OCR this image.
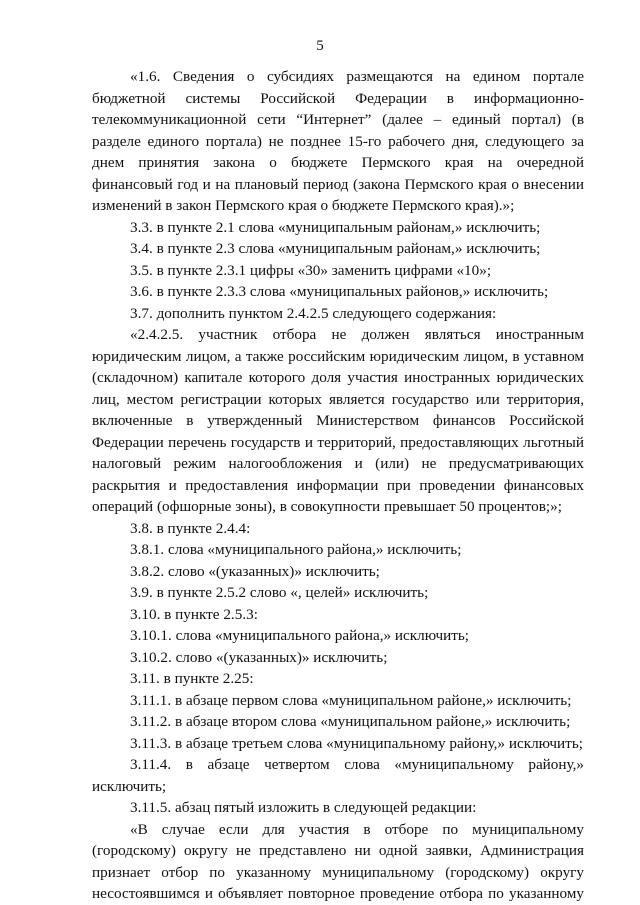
5

«1.6. Сведения о субсидиях размещаются на едином портале бюджетной системы Российской Федерации в информационно-телекоммуникационной сети “Интернет” (далее – единый портал) (в разделе единого портала) не позднее 15-го рабочего дня, следующего за днем принятия закона о бюджете Пермского края на очередной финансовый год и на плановый период (закона Пермского края о внесении изменений в закон Пермского края о бюджете Пермского края).»;

3.3. в пункте 2.1 слова «муниципальным районам,» исключить;

3.4. в пункте 2.3 слова «муниципальным районам,» исключить;

3.5. в пункте 2.3.1 цифры «30» заменить цифрами «10»;

3.6. в пункте 2.3.3 слова «муниципальных районов,» исключить;

3.7. дополнить пунктом 2.4.2.5 следующего содержания:

«2.4.2.5. участник отбора не должен являться иностранным юридическим лицом, а также российским юридическим лицом, в уставном (складочном) капитале которого доля участия иностранных юридических лиц, местом регистрации которых является государство или территория, включенные в утвержденный Министерством финансов Российской Федерации перечень государств и территорий, предоставляющих льготный налоговый режим налогообложения и (или) не предусматривающих раскрытия и предоставления информации при проведении финансовых операций (офшорные зоны), в совокупности превышает 50 процентов;»;

3.8. в пункте 2.4.4:

3.8.1. слова «муниципального района,» исключить;

3.8.2. слово «(указанных)» исключить;

3.9. в пункте 2.5.2 слово «, целей» исключить;

3.10. в пункте 2.5.3:

3.10.1. слова «муниципального района,» исключить;

3.10.2. слово «(указанных)» исключить;

3.11. в пункте 2.25:

3.11.1. в абзаце первом слова «муниципальном районе,» исключить;

3.11.2. в абзаце втором слова «муниципальном районе,» исключить;

3.11.3. в абзаце третьем слова «муниципальному району,» исключить;

3.11.4. в абзаце четвертом слова «муниципальному району,» исключить;

3.11.5. абзац пятый изложить в следующей редакции:

«В случае если для участия в отборе по муниципальному (городскому) округу не представлено ни одной заявки, Администрация признает отбор по указанному муниципальному (городскому) округу несостоявшимся и объявляет повторное проведение отбора по указанному
